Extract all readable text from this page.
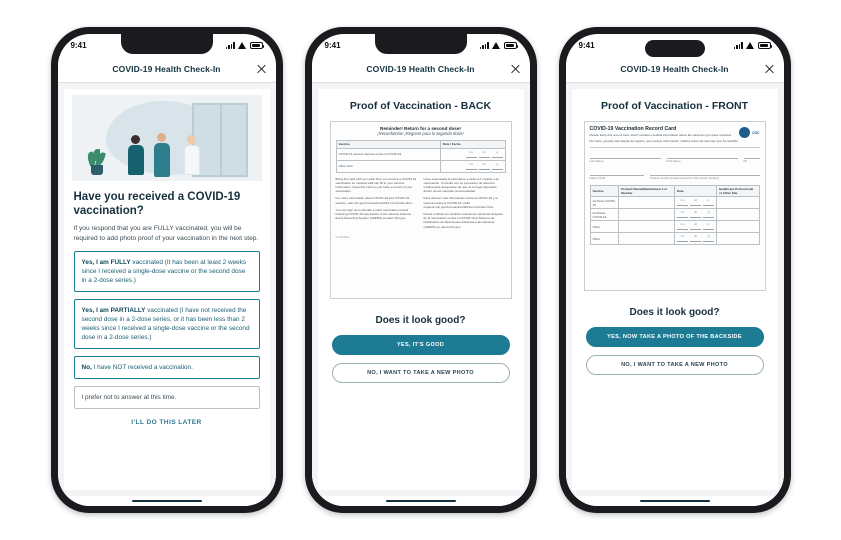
9:41
COVID-19 Health Check-In
Have you received a COVID-19 vaccination?
If you respond that you are FULLY vaccinated, you will be required to add photo proof of your vaccination in the next step.
Yes, I am FULLY vaccinated (It has been at least 2 weeks since I received a single-dose vaccine or the second dose in a 2-dose series.)
Yes, I am PARTIALLY vaccinated (I have not received the second dose in a 2-dose series, or it has been less than 2 weeks since I received a single-dose vaccine or the second dose in a 2-dose series.)
No, I have NOT received a vaccination.
I prefer not to answer at this time.
I'LL DO THIS LATER
9:41
COVID-19 Health Check-In
Proof of Vaccination - BACK
Reminder! Return for a second dose!
¡Recordatorio! ¡Regrese para la segunda dosis!
Vaccine	Date / Fecha
COVID-19 vaccine Vacuna contra el COVID-19	mm dd yy

Other Otra	mm dd yy

Bring this card with you each time you receive a COVID-19 vaccination so medical staff can fill in your vaccine information. Keep this card so you have a record of your vaccination.

For more information about COVID-19 and COVID-19 vaccine, visit cdc.gov/coronavirus/2019-ncov/index.html.

You can sign up to provide a short vaccination record following COVID-19 vaccination to the Vaccine Adverse Event Reporting System (VAERS) at vaers.hhs.gov.

Lleve esta tarjeta al vacunarse a cada vez medica o de vacunación. Consulte con su proveedor de atención médica para asegurarse de que se le haya ingresado dentro de las vacunas recomendadas.

Para obtener más información sobre el COVID-19 y la vacuna contra el COVID-19, visite espanol.cdc.gov/coronavirus/2019-ncov/index.html.

Puede notificar los posibles reacciones adversas después de la vacunación contra el COVID-19 al Sistema de Notificación de Reacciones Adversas a las Vacunas (VAERS) en vaers.hhs.gov.

CS 321629-A
Does it look good?
YES, IT'S GOOD
NO, I WANT TO TAKE A NEW PHOTO
9:41
COVID-19 Health Check-In
Proof of Vaccination - FRONT
COVID-19 Vaccination Record Card
Please keep this record card, which includes medical information about the vaccines you have received.
Por favor, guarde esta tarjeta de registro, que incluye información médica sobre las vacunas que ha recibido.
CDC
Last Name	First Name	MI
Date of birth	Patient number (medical record or IIS record number)
Vaccine	Product Name/Manufacturer Lot Number	Date	Healthcare Professional or Clinic Site
1st Dose COVID-19		mm dd yy	

2nd Dose COVID-19		mm dd yy	

Other		mm dd yy	

Other		mm dd yy	

Does it look good?
YES, NOW TAKE A PHOTO OF THE BACKSIDE
NO, I WANT TO TAKE A NEW PHOTO
